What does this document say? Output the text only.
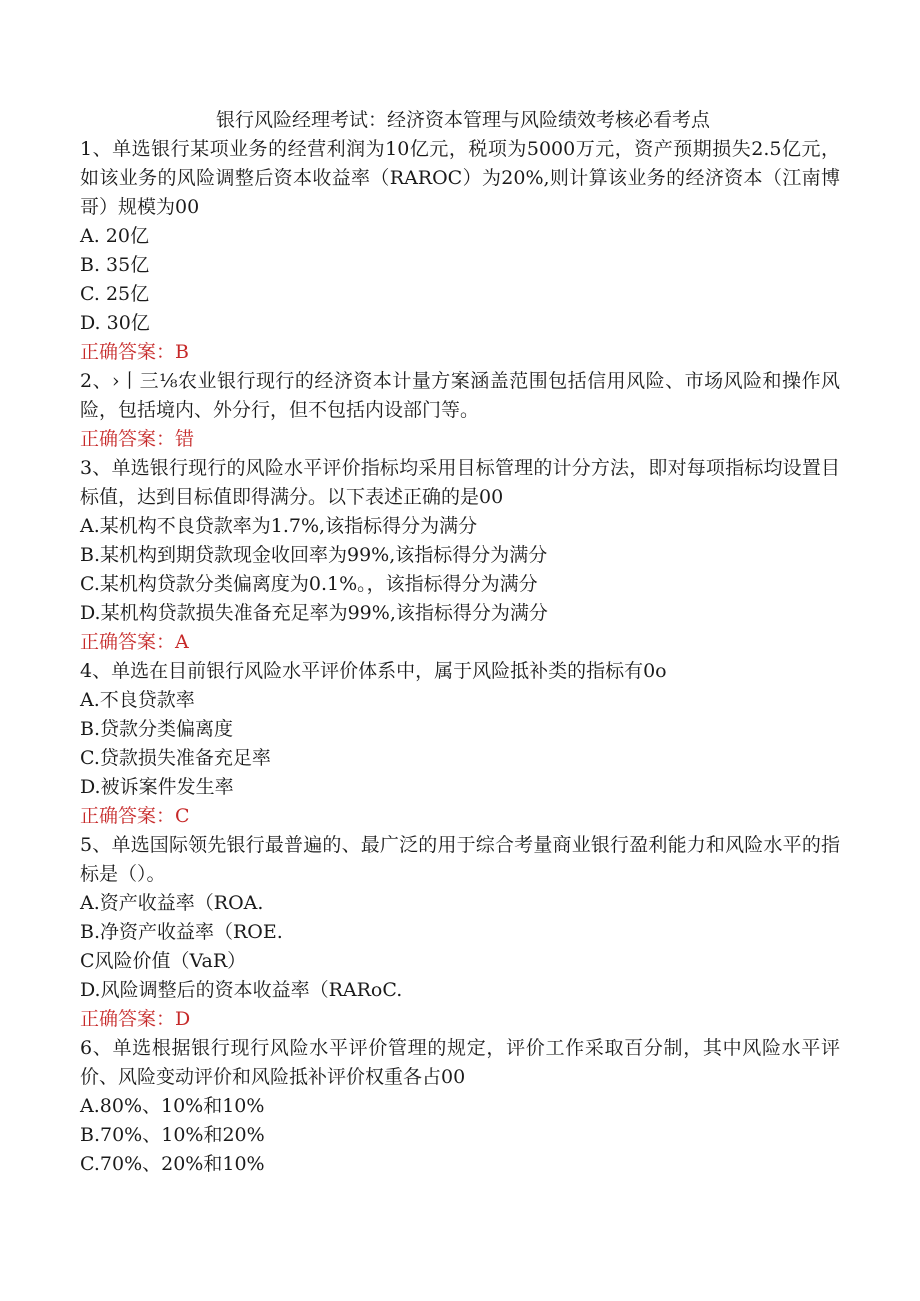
银行风险经理考试：经济资本管理与风险绩效考核必看考点

1、单选银行某项业务的经营利润为10亿元，税项为5000万元，资产预期损失2.5亿元，如该业务的风险调整后资本收益率（RAROC）为20%,则计算该业务的经济资本（江南博哥）规模为00

A. 20亿
B. 35亿
C. 25亿
D. 30亿

正确答案：B

2、›丨三⅛农业银行现行的经济资本计量方案涵盖范围包括信用风险、市场风险和操作风险，包括境内、外分行，但不包括内设部门等。

正确答案：错

3、单选银行现行的风险水平评价指标均采用目标管理的计分方法，即对每项指标均设置目标值，达到目标值即得满分。以下表述正确的是00

A.某机构不良贷款率为1.7%,该指标得分为满分
B.某机构到期贷款现金收回率为99%,该指标得分为满分
C.某机构贷款分类偏离度为0.1%。，该指标得分为满分
D.某机构贷款损失准备充足率为99%,该指标得分为满分

正确答案：A

4、单选在目前银行风险水平评价体系中，属于风险抵补类的指标有0o

A.不良贷款率
B.贷款分类偏离度
C.贷款损失准备充足率
D.被诉案件发生率

正确答案：C

5、单选国际领先银行最普遍的、最广泛的用于综合考量商业银行盈利能力和风险水平的指标是（）。

A.资产收益率（ROA.
B.净资产收益率（ROE.
C风险价值（VaR）
D.风险调整后的资本收益率（RARoC.

正确答案：D

6、单选根据银行现行风险水平评价管理的规定，评价工作采取百分制，其中风险水平评价、风险变动评价和风险抵补评价权重各占00

A.80%、10%和10%
B.70%、10%和20%
C.70%、20%和10%
